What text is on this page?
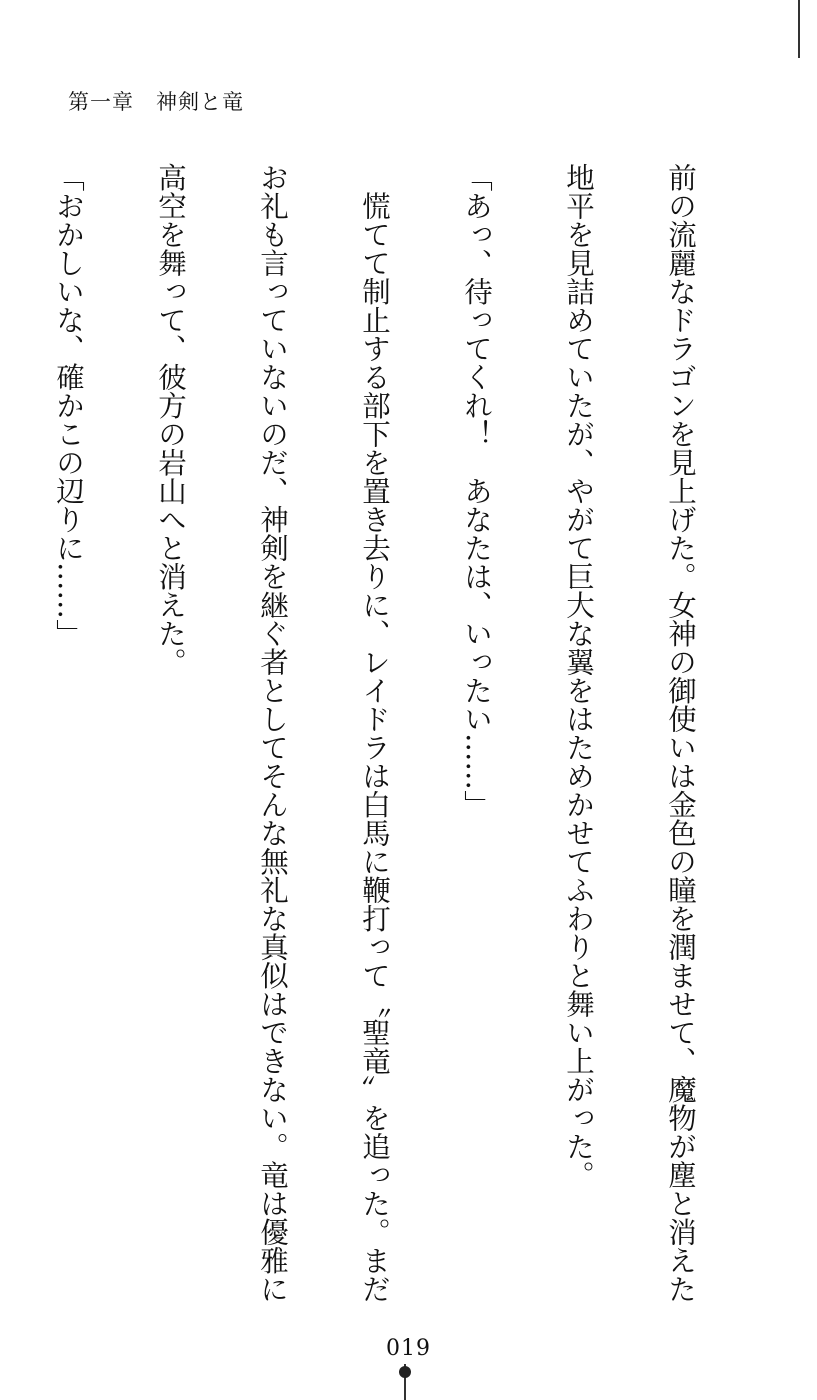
第一章　神剣と竜

前の流麗なドラゴンを見上げた。女神の御使いは金色の瞳を潤ませて、魔物が塵と消えた

地平を見詰めていたが、やがて巨大な翼をはためかせてふわりと舞い上がった。

「あっ、待ってくれ！　あなたは、いったい……」

　慌てて制止する部下を置き去りに、レイドラは白馬に鞭打って〝聖竜〟を追った。まだ

お礼も言っていないのだ、神剣を継ぐ者としてそんな無礼な真似はできない。竜は優雅に

高空を舞って、彼方の岩山へと消えた。

「おかしいな、確かこの辺りに……」

019
